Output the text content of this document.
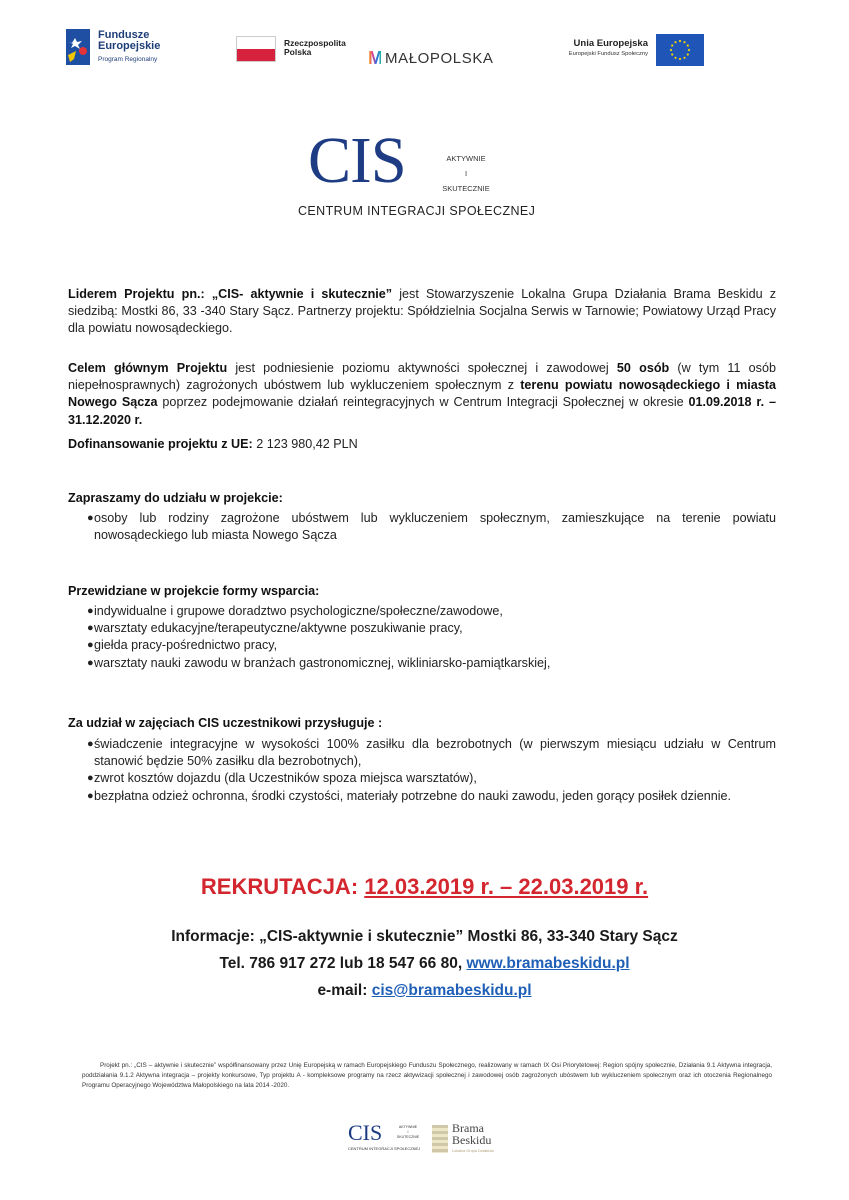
Fundusze
Europejskie
Program Regionalny
Rzeczpospolita
Polska	M MAŁOPOLSKA
Unia Europejska
Europejski Fundusz Społeczny
CIS	AKTYWNIE
I
SKUTECZNIE
CENTRUM INTEGRACJI SPOŁECZNEJ
Liderem Projektu pn.: „CIS- aktywnie i skutecznie” jest Stowarzyszenie Lokalna Grupa Działania Brama Beskidu z siedzibą: Mostki 86, 33 -340 Stary Sącz. Partnerzy projektu: Spółdzielnia Socjalna Serwis w Tarnowie; Powiatowy Urząd Pracy dla powiatu nowosądeckiego.
Celem głównym Projektu jest podniesienie poziomu aktywności społecznej i zawodowej 50 osób (w tym 11 osób niepełnosprawnych) zagrożonych ubóstwem lub wykluczeniem społecznym z terenu powiatu nowosądeckiego i miasta Nowego Sącza poprzez podejmowanie działań reintegracyjnych w Centrum Integracji Społecznej w okresie 01.09.2018 r. – 31.12.2020 r.
Dofinansowanie projektu z UE: 2 123 980,42 PLN
Zapraszamy do udziału w projekcie:
● osoby lub rodziny zagrożone ubóstwem lub wykluczeniem społecznym, zamieszkujące na terenie powiatu nowosądeckiego lub miasta Nowego Sącza
Przewidziane w projekcie formy wsparcia:
● indywidualne i grupowe doradztwo psychologiczne/społeczne/zawodowe,
● warsztaty edukacyjne/terapeutyczne/aktywne poszukiwanie pracy,
● giełda pracy-pośrednictwo pracy,
● warsztaty nauki zawodu w branżach gastronomicznej, wikliniarsko-pamiątkarskiej,
Za udział w zajęciach CIS uczestnikowi przysługuje :
● świadczenie integracyjne w wysokości 100% zasiłku dla bezrobotnych (w pierwszym miesiącu udziału w Centrum stanowić będzie 50% zasiłku dla bezrobotnych),
● zwrot kosztów dojazdu (dla Uczestników spoza miejsca warsztatów),
● bezpłatna odzież ochronna, środki czystości, materiały potrzebne do nauki zawodu, jeden gorący posiłek dziennie.
REKRUTACJA: 12.03.2019 r. – 22.03.2019 r.
Informacje: „CIS-aktywnie i skutecznie” Mostki 86, 33-340 Stary Sącz
Tel. 786 917 272 lub 18 547 66 80, www.bramabeskidu.pl
e-mail: cis@bramabeskidu.pl
Projekt pn.: „CIS – aktywnie i skutecznie” współfinansowany przez Unię Europejską w ramach Europejskiego Funduszu Społecznego, realizowany w ramach IX Osi Priorytetowej: Region spójny społecznie, Działania 9.1 Aktywna integracja, poddziałania 9.1.2 Aktywna integracja – projekty konkursowe, Typ projektu A - kompleksowe programy na rzecz aktywizacji społecznej i zawodowej osób zagrożonych ubóstwem lub wykluczeniem społecznym oraz ich otoczenia Regionalnego Programu Operacyjnego Województwa Małopolskiego na lata 2014 -2020.
CIS	AKTYWNIE
I
SKUTECZNIE
CENTRUM INTEGRACJI SPOŁECZNEJ
Brama
Beskidu
Lokalna Grupa Działania
